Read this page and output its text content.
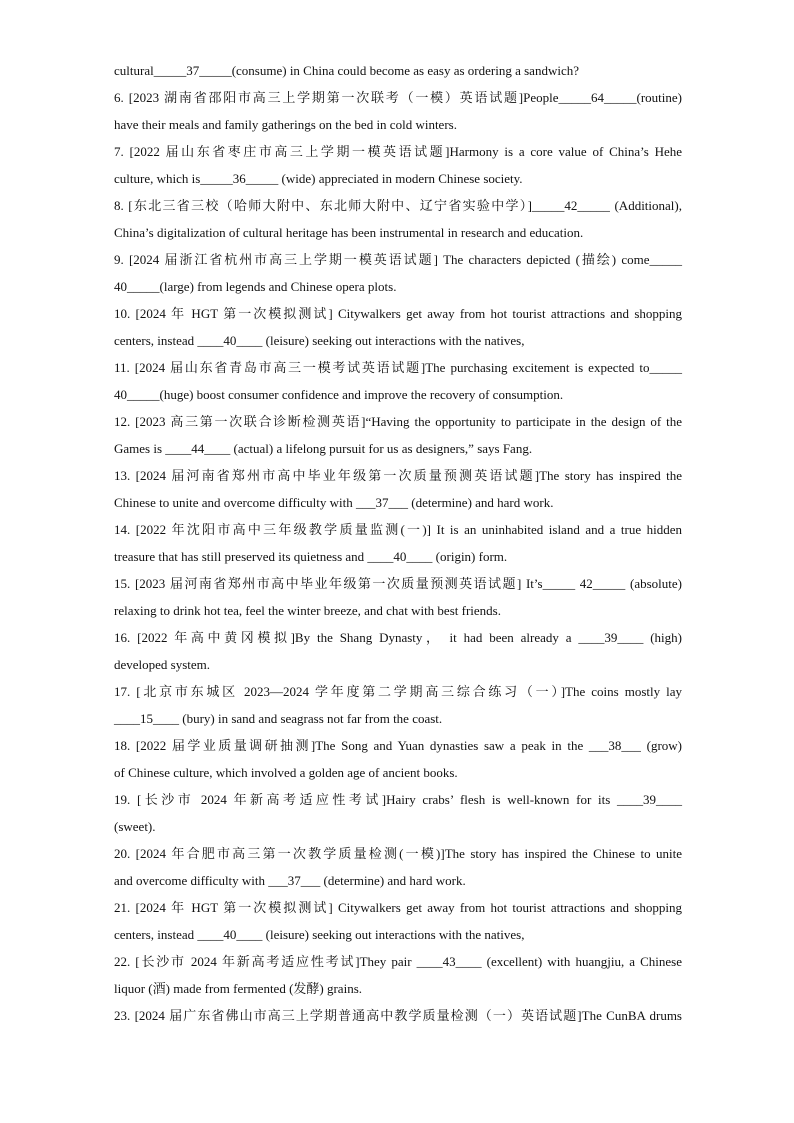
cultural_____37_____(consume) in China could become as easy as ordering a sandwich?
6. [2023 湖南省邵阳市高三上学期第一次联考（一模）英语试题]People_____64_____(routine)
have their meals and family gatherings on the bed in cold winters.
7. [2022 届山东省枣庄市高三上学期一模英语试题]Harmony is a core value of China’s Hehe
culture, which is_____36_____ (wide) appreciated in modern Chinese society.
8. [东北三省三校（哈师大附中、东北师大附中、辽宁省实验中学）]_____42_____ (Additional),
China’s digitalization of cultural heritage has been instrumental in research and education.
9. [2024 届浙江省杭州市高三上学期一模英语试题] The characters depicted (描绘) come_____
40_____(large) from legends and Chinese opera plots.
10. [2024 年 HGT 第一次模拟测试] Citywalkers get away from hot tourist attractions and shopping
centers, instead ____40____ (leisure) seeking out interactions with the natives,
11. [2024 届山东省青岛市高三一模考试英语试题]The purchasing excitement is expected to_____
40_____(huge) boost consumer confidence and improve the recovery of consumption.
12. [2023 高三第一次联合诊断检测英语]“Having the opportunity to participate in the design of the
Games is ____44____ (actual) a lifelong pursuit for us as designers,” says Fang.
13. [2024 届河南省郑州市高中毕业年级第一次质量预测英语试题]The story has inspired the
Chinese to unite and overcome difficulty with ___37___ (determine) and hard work.
14. [2022 年沈阳市高中三年级教学质量监测(一)] It is an uninhabited island and a true hidden
treasure that has still preserved its quietness and ____40____ (origin) form.
15. [2023 届河南省郑州市高中毕业年级第一次质量预测英语试题] It’s_____ 42_____ (absolute)
relaxing to drink hot tea, feel the winter breeze, and chat with best friends.
16. [2022 年高中黄冈模拟]By the Shang Dynasty， it had been already a ____39____ (high)
developed system.
17. [北京市东城区 2023—2024 学年度第二学期高三综合练习（一）]The coins mostly lay
____15____ (bury) in sand and seagrass not far from the coast.
18. [2022 届学业质量调研抽测]The Song and Yuan dynasties saw a peak in the ___38___ (grow)
of Chinese culture, which involved a golden age of ancient books.
19. [长沙市 2024 年新高考适应性考试]Hairy crabs’ flesh is well-known for its ____39____
(sweet).
20. [2024 年合肥市高三第一次教学质量检测(一模)]The story has inspired the Chinese to unite
and overcome difficulty with ___37___ (determine) and hard work.
21. [2024 年 HGT 第一次模拟测试] Citywalkers get away from hot tourist attractions and shopping
centers, instead ____40____ (leisure) seeking out interactions with the natives,
22. [长沙市 2024 年新高考适应性考试]They pair ____43____ (excellent) with huangjiu, a Chinese
liquor (酒) made from fermented (发酵) grains.
23. [2024 届广东省佛山市高三上学期普通高中教学质量检测（一）英语试题]The CunBA drums
